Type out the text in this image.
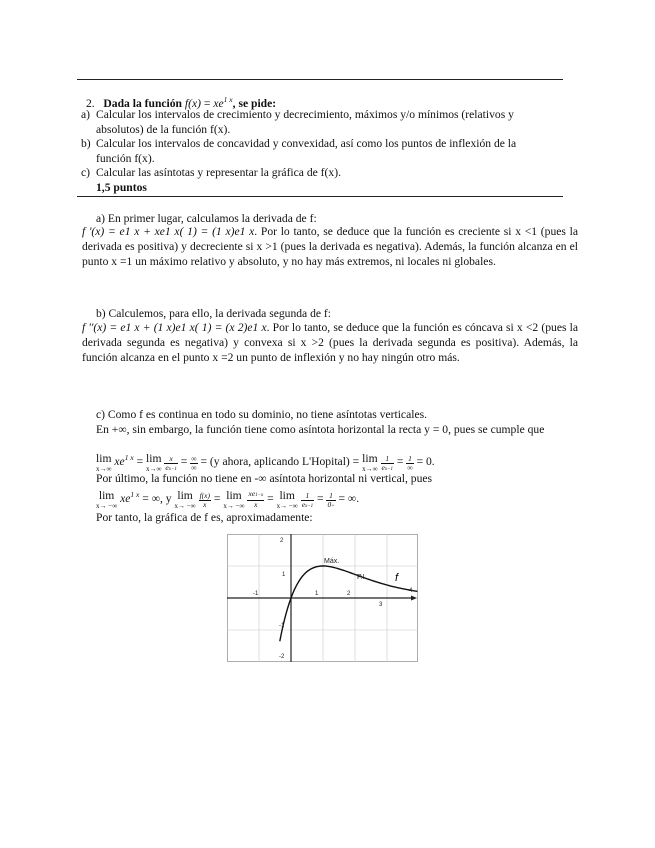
2. Dada la función $f(x) = xe^{1 x}$, se pide:
a) Calcular los intervalos de crecimiento y decrecimiento, máximos y/o mínimos (relativos y
absolutos) de la función f(x).
b) Calcular los intervalos de concavidad y convexidad, así como los puntos de inflexión de la
función f(x).
c) Calcular las asíntotas y representar la gráfica de f(x).
1,5 puntos
a) En primer lugar, calculamos la derivada de f:
f '(x) = e1 x + xe1 x( 1) = (1 x)e1 x. Por lo tanto, se deduce que la función es creciente si x <1 (pues la derivada es positiva) y decreciente si x >1 (pues la derivada es negativa). Además, la función alcanza en el punto x =1 un máximo relativo y absoluto, y no hay más extremos, ni locales ni globales.
b) Calculemos, para ello, la derivada segunda de f:
f ''(x) = e1 x + (1 x)e1 x( 1) = (x 2)e1 x. Por lo tanto, se deduce que la función es cóncava si x <2 (pues la derivada segunda es negativa) y convexa si x >2 (pues la derivada segunda es positiva). Además, la función alcanza en el punto x =2 un punto de inflexión y no hay ningún otro más.
c) Como f es continua en todo su dominio, no tiene asíntotas verticales.
En +∞, sin embargo, la función tiene como asíntota horizontal la recta y = 0, pues se cumple que
lim
x→∞
$xe^{1 x} = \lim$
x→∞
$\frac{x}{ex-1} = \frac{\infty}{\infty} = (y$ ahora, aplicando L'Hopital) = lim
x→∞
$\frac{1}{ex-1} = \frac{1}{\infty} = 0$.
Por último, la función no tiene en -∞ asíntota horizontal ni vertical, pues
lim
x→ −∞
$xe^{1 x}$ = ∞, y lim
x→ −∞
$\frac{f(x)}{x} = \lim$
x→ −∞
$\frac{xe1-x}{x} = \lim$
x→ −∞
$\frac{1}{ex-1} = \frac{1}{0+}$ = ∞.
Por tanto, la gráfica de f es, aproximadamente:
-1	1	2
3
4
2
1
-1
-2
Máx.
P.I.	f
